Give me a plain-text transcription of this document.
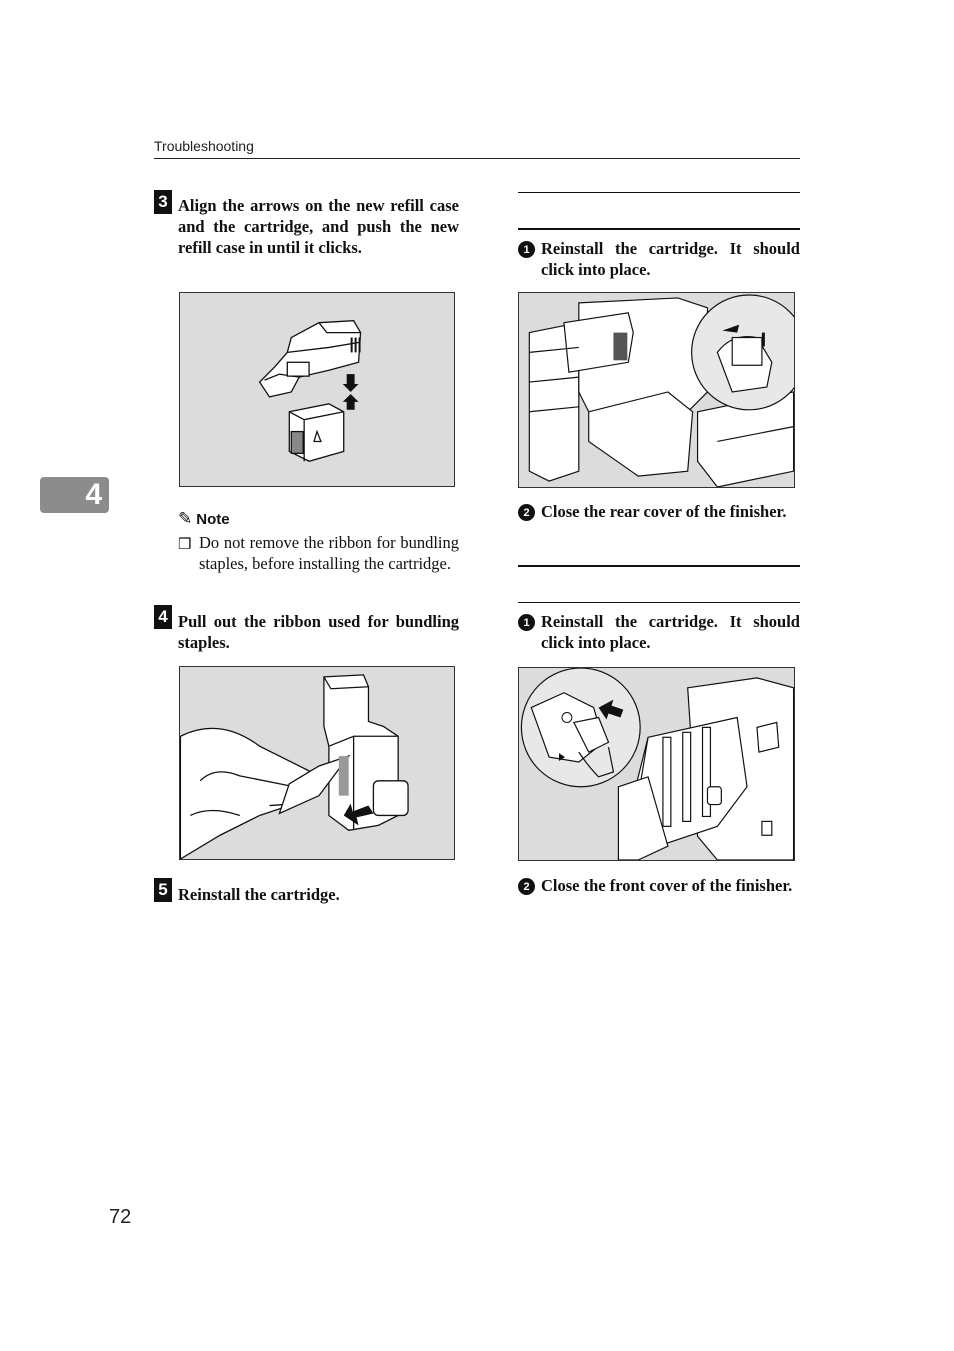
Troubleshooting
4
3 Align the arrows on the new refill case and the cartridge, and push the new refill case in until it clicks.
✎ Note
❒ Do not remove the ribbon for bundling staples, before installing the cartridge.
4 Pull out the ribbon used for bundling staples.
5 Reinstall the cartridge.
1 Reinstall the cartridge. It should click into place.
2 Close the rear cover of the finisher.
1 Reinstall the cartridge. It should click into place.
2 Close the front cover of the finisher.
72
